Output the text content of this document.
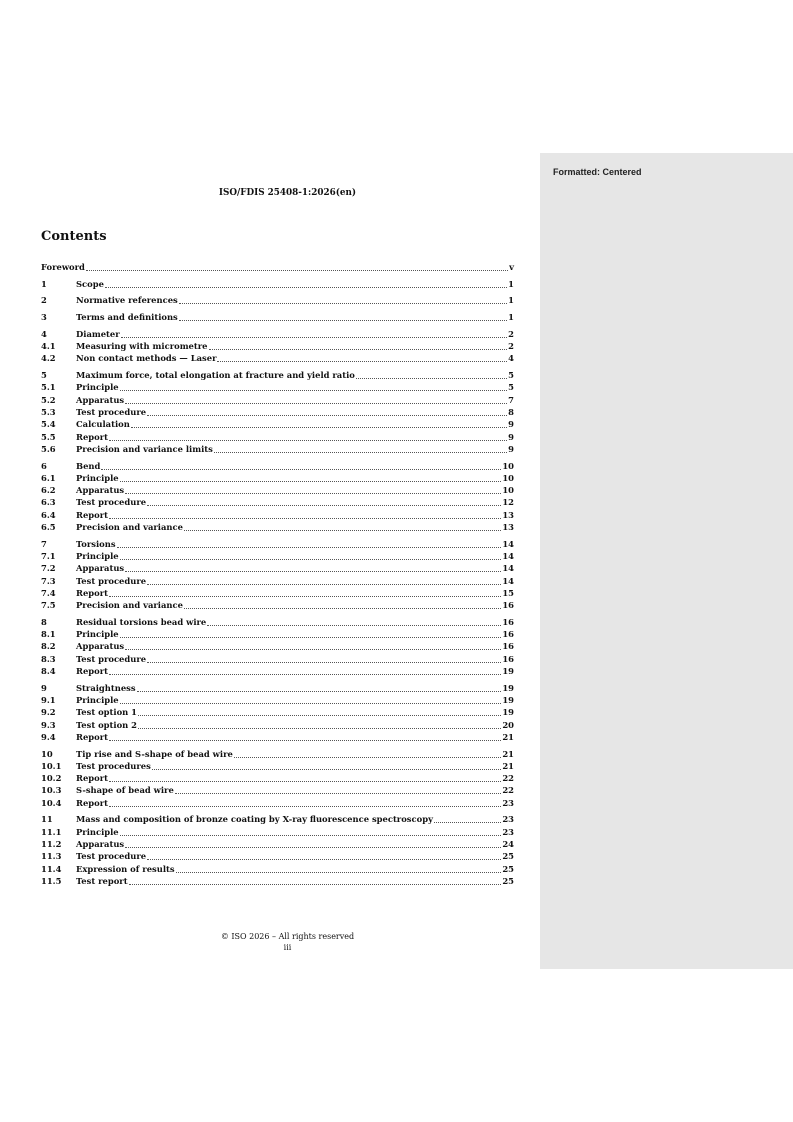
Formatted: Centered
ISO/FDIS 25408-1:2026(en)
Contents
Foreword	v
1	Scope	1
2	Normative references	1
3	Terms and definitions	1
4	Diameter	2
4.1	Measuring with micrometre	2
4.2	Non contact methods — Laser	4
5	Maximum force, total elongation at fracture and yield ratio	5
5.1	Principle	5
5.2	Apparatus	7
5.3	Test procedure	8
5.4	Calculation	9
5.5	Report	9
5.6	Precision and variance limits	9
6	Bend	10
6.1	Principle	10
6.2	Apparatus	10
6.3	Test procedure	12
6.4	Report	13
6.5	Precision and variance	13
7	Torsions	14
7.1	Principle	14
7.2	Apparatus	14
7.3	Test procedure	14
7.4	Report	15
7.5	Precision and variance	16
8	Residual torsions bead wire	16
8.1	Principle	16
8.2	Apparatus	16
8.3	Test procedure	16
8.4	Report	19
9	Straightness	19
9.1	Principle	19
9.2	Test option 1	19
9.3	Test option 2	20
9.4	Report	21
10	Tip rise and S-shape of bead wire	21
10.1	Test procedures	21
10.2	Report	22
10.3	S-shape of bead wire	22
10.4	Report	23
11	Mass and composition of bronze coating by X-ray fluorescence spectroscopy	23
11.1	Principle	23
11.2	Apparatus	24
11.3	Test procedure	25
11.4	Expression of results	25
11.5	Test report	25
© ISO 2026 – All rights reserved
iii
